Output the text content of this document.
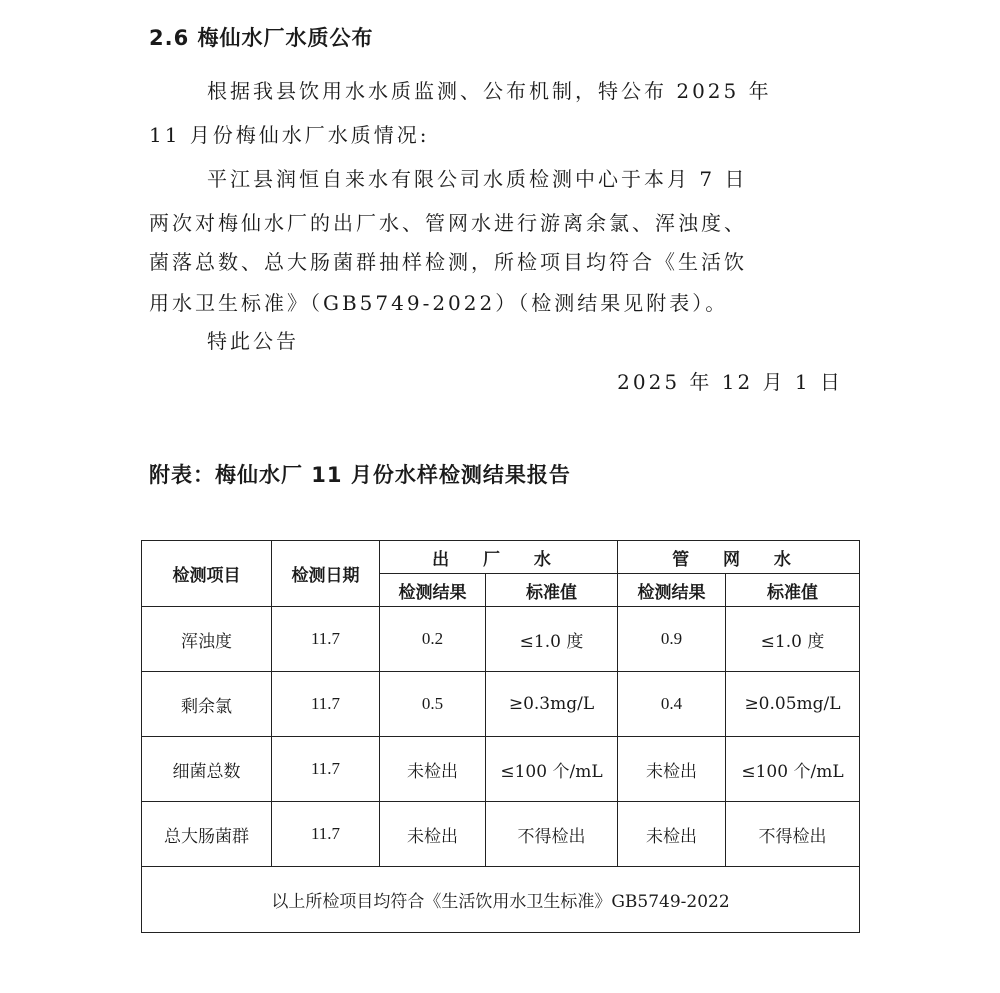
2.6 梅仙水厂水质公布
根据我县饮用水水质监测、公布机制，特公布 2025 年
11 月份梅仙水厂水质情况:
平江县润恒自来水有限公司水质检测中心于本月 7 日
两次对梅仙水厂的出厂水、管网水进行游离余氯、浑浊度、
菌落总数、总大肠菌群抽样检测，所检项目均符合《生活饮
用水卫生标准》（GB5749-2022）（检测结果见附表）。
特此公告
2025 年 12 月 1 日
附表：梅仙水厂 11 月份水样检测结果报告
检测项目	检测日期	出 厂 水		管 网 水	
		检测结果	标准值	检测结果	标准值
浑浊度	11.7	0.2	≤1.0 度	0.9	≤1.0 度
剩余氯	11.7	0.5	≥0.3mg/L	0.4	≥0.05mg/L
细菌总数	11.7	未检出	≤100 个/mL	未检出	≤100 个/mL
总大肠菌群	11.7	未检出	不得检出	未检出	不得检出
以上所检项目均符合《生活饮用水卫生标准》GB5749-2022					
